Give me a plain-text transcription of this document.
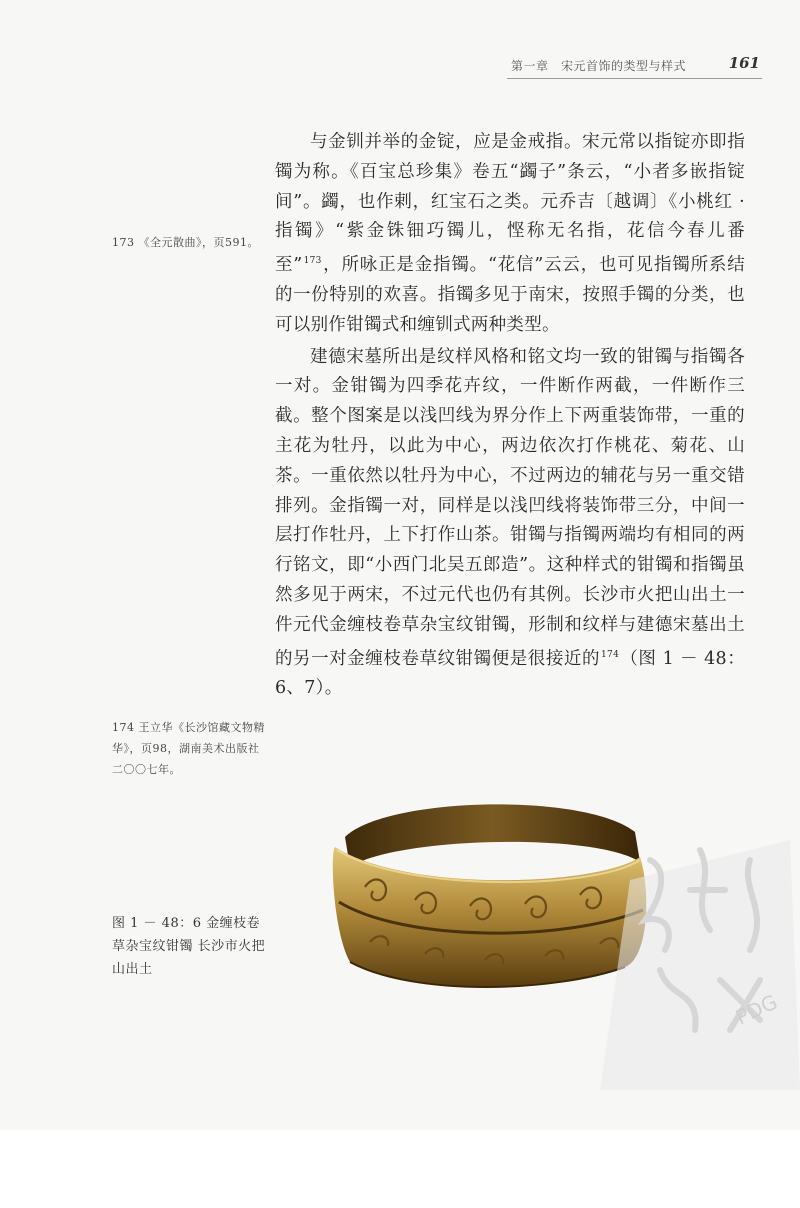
第一章　宋元首饰的类型与样式	161

与金钏并举的金锭，应是金戒指。宋元常以指锭亦即指镯为称。《百宝总珍集》卷五“蠲子”条云，“小者多嵌指锭间”。蠲，也作剌，红宝石之类。元乔吉〔越调〕《小桃红 · 指镯》“紫金铢钿巧镯儿，悭称无名指，花信今春儿番至”$^{173}$，所咏正是金指镯。“花信”云云，也可见指镯所系结的一份特别的欢喜。指镯多见于南宋，按照手镯的分类，也可以别作钳镯式和缠钏式两种类型。

建德宋墓所出是纹样风格和铭文均一致的钳镯与指镯各一对。金钳镯为四季花卉纹，一件断作两截，一件断作三截。整个图案是以浅凹线为界分作上下两重装饰带，一重的主花为牡丹，以此为中心，两边依次打作桃花、菊花、山茶。一重依然以牡丹为中心，不过两边的辅花与另一重交错排列。金指镯一对，同样是以浅凹线将装饰带三分，中间一层打作牡丹，上下打作山茶。钳镯与指镯两端均有相同的两行铭文，即“小西门北吴五郎造”。这种样式的钳镯和指镯虽然多见于两宋，不过元代也仍有其例。长沙市火把山出土一件元代金缠枝卷草杂宝纹钳镯，形制和纹样与建德宋墓出土的另一对金缠枝卷草纹钳镯便是很接近的$^{174}$（图 1 － 48：6、7）。

173 《全元散曲》，页591。
174 王立华《长沙馆藏文物精华》，页98，湖南美术出版社二〇〇七年。
图 1 － 48：6 金缠枝卷草杂宝纹钳镯 长沙市火把山出土
PDG
